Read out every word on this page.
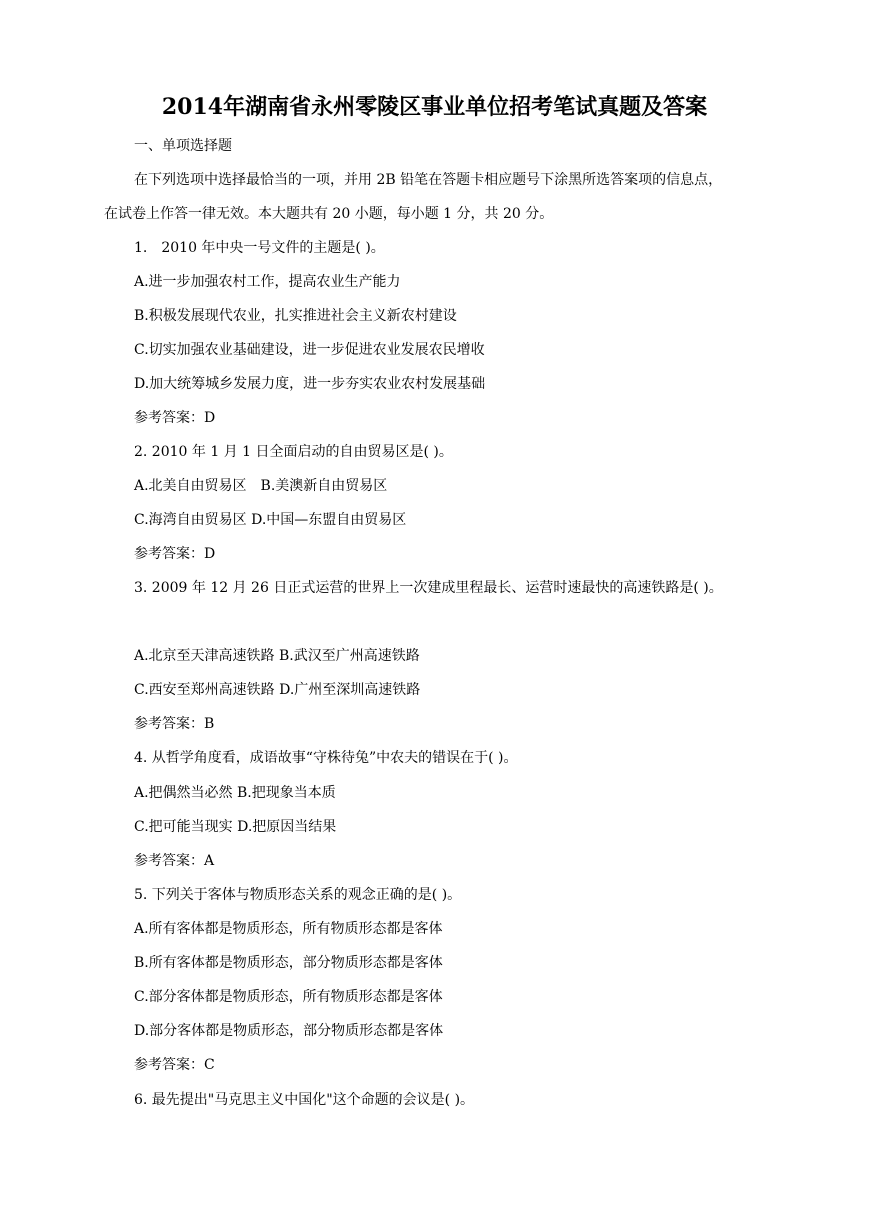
2014年湖南省永州零陵区事业单位招考笔试真题及答案
一、单项选择题
在下列选项中选择最恰当的一项，并用 2B 铅笔在答题卡相应题号下涂黑所选答案项的信息点，
在试卷上作答一律无效。本大题共有 20 小题，每小题 1 分，共 20 分。
1.　2010 年中央一号文件的主题是( )。
A.进一步加强农村工作，提高农业生产能力
B.积极发展现代农业，扎实推进社会主义新农村建设
C.切实加强农业基础建设，进一步促进农业发展农民增收
D.加大统筹城乡发展力度，进一步夯实农业农村发展基础
参考答案：D
2. 2010 年 1 月 1 日全面启动的自由贸易区是( )。
A.北美自由贸易区　B.美澳新自由贸易区
C.海湾自由贸易区 D.中国—东盟自由贸易区
参考答案：D
3. 2009 年 12 月 26 日正式运营的世界上一次建成里程最长、运营时速最快的高速铁路是( )。
A.北京至天津高速铁路 B.武汉至广州高速铁路
C.西安至郑州高速铁路 D.广州至深圳高速铁路
参考答案：B
4. 从哲学角度看，成语故事“守株待兔”中农夫的错误在于( )。
A.把偶然当必然 B.把现象当本质
C.把可能当现实 D.把原因当结果
参考答案：A
5. 下列关于客体与物质形态关系的观念正确的是( )。
A.所有客体都是物质形态，所有物质形态都是客体
B.所有客体都是物质形态，部分物质形态都是客体
C.部分客体都是物质形态，所有物质形态都是客体
D.部分客体都是物质形态，部分物质形态都是客体
参考答案：C
6. 最先提出"马克思主义中国化"这个命题的会议是( )。
